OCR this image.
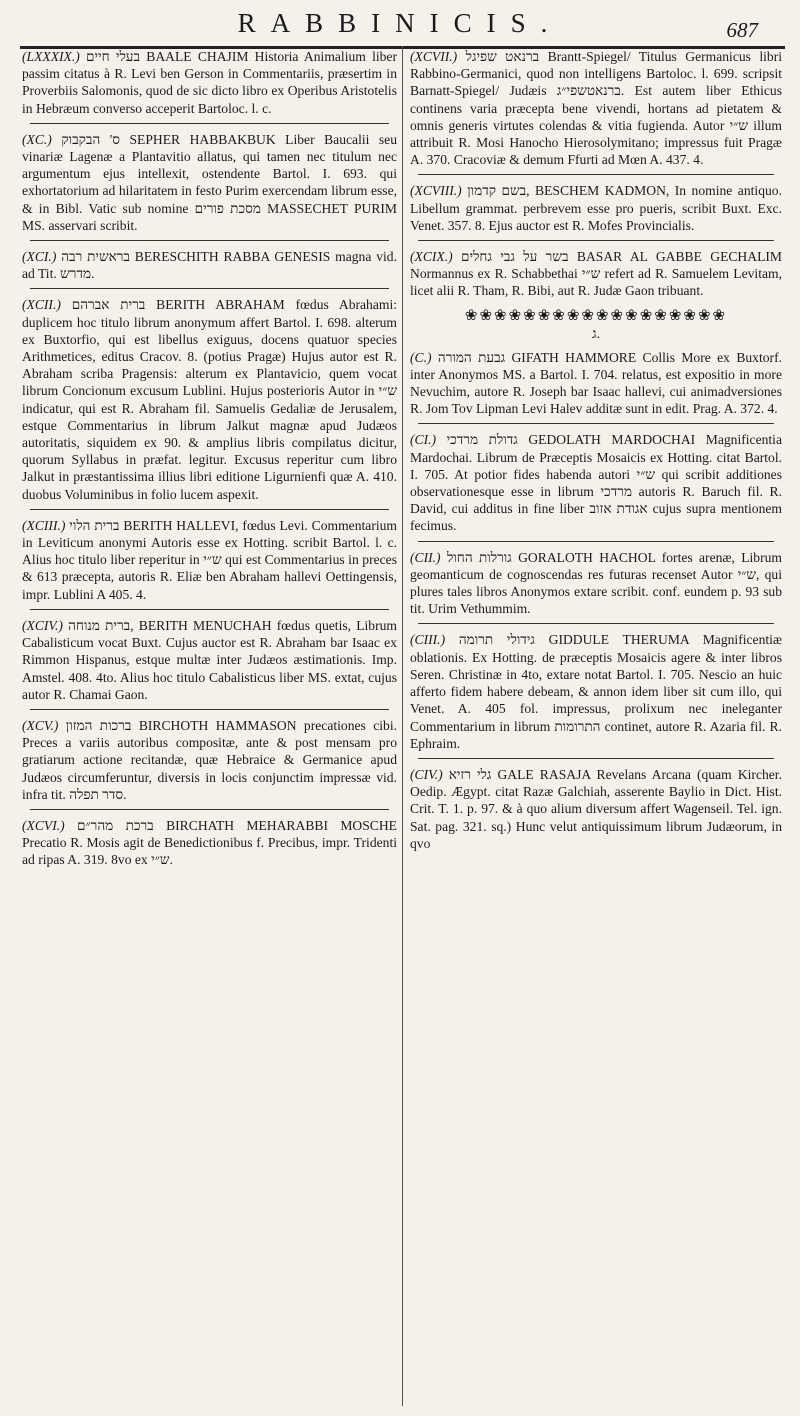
RABBINICIS.	687

(LXXXIX.) בעלי חיים BAALE CHAJIM Historia Animalium liber passim citatus à R. Levi ben Gerson in Commentariis, præsertim in Proverbiis Salomonis, quod de sic dicto libro ex Operibus Aristotelis in Hebræum converso acceperit Bartoloc. l. c.

(XC.) ס' הבקבוק SEPHER HABBAKBUK Liber Baucalii seu vinariæ Lagenæ a Plantavitio allatus, qui tamen nec titulum nec argumentum ejus intellexit, ostendente Bartol. I. 693. qui exhortatorium ad hilaritatem in festo Purim exercendam librum esse, & in Bibl. Vatic sub nomine מסכת פורים MASSECHET PURIM MS. asservari scribit.

(XCI.) בראשית רבה BERESCHITH RABBA GENESIS magna vid. ad Tit. מדרש.

(XCII.) ברית אברהם BERITH ABRAHAM fœdus Abrahami: duplicem hoc titulo librum anonymum affert Bartol. I. 698. alterum ex Buxtorfio, qui est libellus exiguus, docens quatuor species Arithmetices, editus Cracov. 8. (potius Pragæ) Hujus autor est R. Abraham scriba Pragensis: alterum ex Plantavicio, quem vocat librum Concionum excusum Lublini. Hujus posterioris Autor in ש״י indicatur, qui est R. Abraham fil. Samuelis Gedaliæ de Jerusalem, estque Commentarius in librum Jalkut magnæ apud Judæos autoritatis, siquidem ex 90. & amplius libris compilatus dicitur, quorum Syllabus in præfat. legitur. Excusus reperitur cum libro Jalkut in præstantissima illius libri editione Ligurnienfi quæ A. 410. duobus Voluminibus in folio lucem aspexit.

(XCIII.) ברית הלוי BERITH HALLEVI, fœdus Levi. Commentarium in Leviticum anonymi Autoris esse ex Hotting. scribit Bartol. l. c. Alius hoc titulo liber reperitur in ש״י qui est Commentarius in preces & 613 præcepta, autoris R. Eliæ ben Abraham hallevi Oettingensis, impr. Lublini A 405. 4.

(XCIV.) ברית מנוחה, BERITH MENUCHAH fœdus quetis, Librum Cabalisticum vocat Buxt. Cujus auctor est R. Abraham bar Isaac ex Rimmon Hispanus, estque multæ inter Judæos æstimationis. Imp. Amstel. 408. 4to. Alius hoc titulo Cabalisticus liber MS. extat, cujus autor R. Chamai Gaon.

(XCV.) ברכות המזון BIRCHOTH HAMMASON precationes cibi. Preces a variis autoribus compositæ, ante & post mensam pro gratiarum actione recitandæ, quæ Hebraice & Germanice apud Judæos circumferuntur, diversis in locis conjunctim impressæ vid. infra tit. סדר תפלה.

(XCVI.) ברכת מהר״ם BIRCHATH MEHARABBI MOSCHE Precatio R. Mosis agit de Benedictionibus f. Precibus, impr. Tridenti ad ripas A. 319. 8vo ex ש״י.

(XCVII.) ברנאט שפיגל Brantt-Spiegel/ Titulus Germanicus libri Rabbino-Germanici, quod non intelligens Bartoloc. l. 699. scripsit Barnatt-Spiegel/ Judæis ברנאטשפי״ג. Est autem liber Ethicus continens varia præcepta bene vivendi, hortans ad pietatem & omnis generis virtutes colendas & vitia fugienda. Autor ש״י illum attribuit R. Mosi Hanocho Hierosolymitano; impressus fuit Pragæ A. 370. Cracoviæ & demum Ffurti ad Mœn A. 437. 4.

(XCVIII.) בשם קדמון, BESCHEM KADMON, In nomine antiquo. Libellum grammat. perbrevem esse pro pueris, scribit Buxt. Exc. Venet. 357. 8. Ejus auctor est R. Mofes Provincialis.

(XCIX.) בשר על גבי גחלים BASAR AL GABBE GECHALIM Normannus ex R. Schabbethai ש״י refert ad R. Samuelem Levitam, licet alii R. Tham, R. Bibi, aut R. Judæ Gaon tribuant.

❀❀❀❀❀❀❀❀❀❀❀❀❀❀❀❀❀❀

ג.

(C.) גבעת המורה GIFATH HAMMORE Collis More ex Buxtorf. inter Anonymos MS. a Bartol. I. 704. relatus, est expositio in more Nevuchim, autore R. Joseph bar Isaac hallevi, cui animadversiones R. Jom Tov Lipman Levi Halev additæ sunt in edit. Prag. A. 372. 4.

(CI.) גדולת מרדכי GEDOLATH MARDOCHAI Magnificentia Mardochai. Librum de Præceptis Mosaicis ex Hotting. citat Bartol. I. 705. At potior fides habenda autori ש״י qui scribit additiones observationesque esse in librum מרדכי autoris R. Baruch fil. R. David, cui additus in fine liber אגודת אזוב cujus supra mentionem fecimus.

(CII.) גורלות החול GORALOTH HACHOL fortes arenæ, Librum geomanticum de cognoscendas res futuras recenset Autor ש״י, qui plures tales libros Anonymos extare scribit. conf. eundem p. 93 sub tit. Urim Vethummim.

(CIII.) גידולי תרומה GIDDULE THERUMA Magnificentiæ oblationis. Ex Hotting. de præceptis Mosaicis agere & inter libros Seren. Christinæ in 4to, extare notat Bartol. I. 705. Nescio an huic afferto fidem habere debeam, & annon idem liber sit cum illo, qui Venet. A. 405 fol. impressus, prolixum nec ineleganter Commentarium in librum התרומות continet, autore R. Azaria fil. R. Ephraim.

(CIV.) גלי רזיא GALE RASAJA Revelans Arcana (quam Kircher. Oedip. Ægypt. citat Razæ Galchiah, asserente Baylio in Dict. Hist. Crit. T. 1. p. 97. & à quo alium diversum affert Wagenseil. Tel. ign. Sat. pag. 321. sq.) Hunc velut antiquissimum librum Judæorum, in qvo
